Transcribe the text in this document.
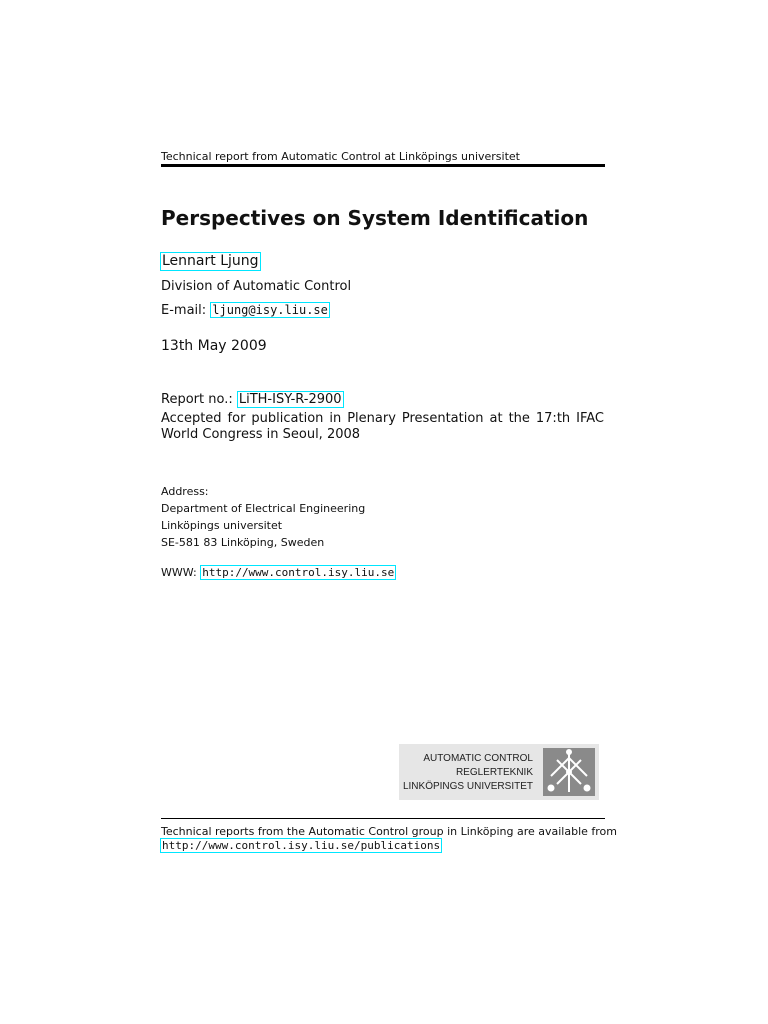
Technical report from Automatic Control at Linköpings universitet
Perspectives on System Identification
Lennart Ljung
Division of Automatic Control
E-mail: ljung@isy.liu.se
13th May 2009
Report no.: LiTH-ISY-R-2900
Accepted for publication in Plenary Presentation at the 17:th IFAC World Congress in Seoul, 2008
Address:
Department of Electrical Engineering
Linköpings universitet
SE-581 83 Linköping, Sweden
WWW: http://www.control.isy.liu.se
AUTOMATIC CONTROL
REGLERTEKNIK
LINKÖPINGS UNIVERSITET
Technical reports from the Automatic Control group in Linköping are available from
http://www.control.isy.liu.se/publications
